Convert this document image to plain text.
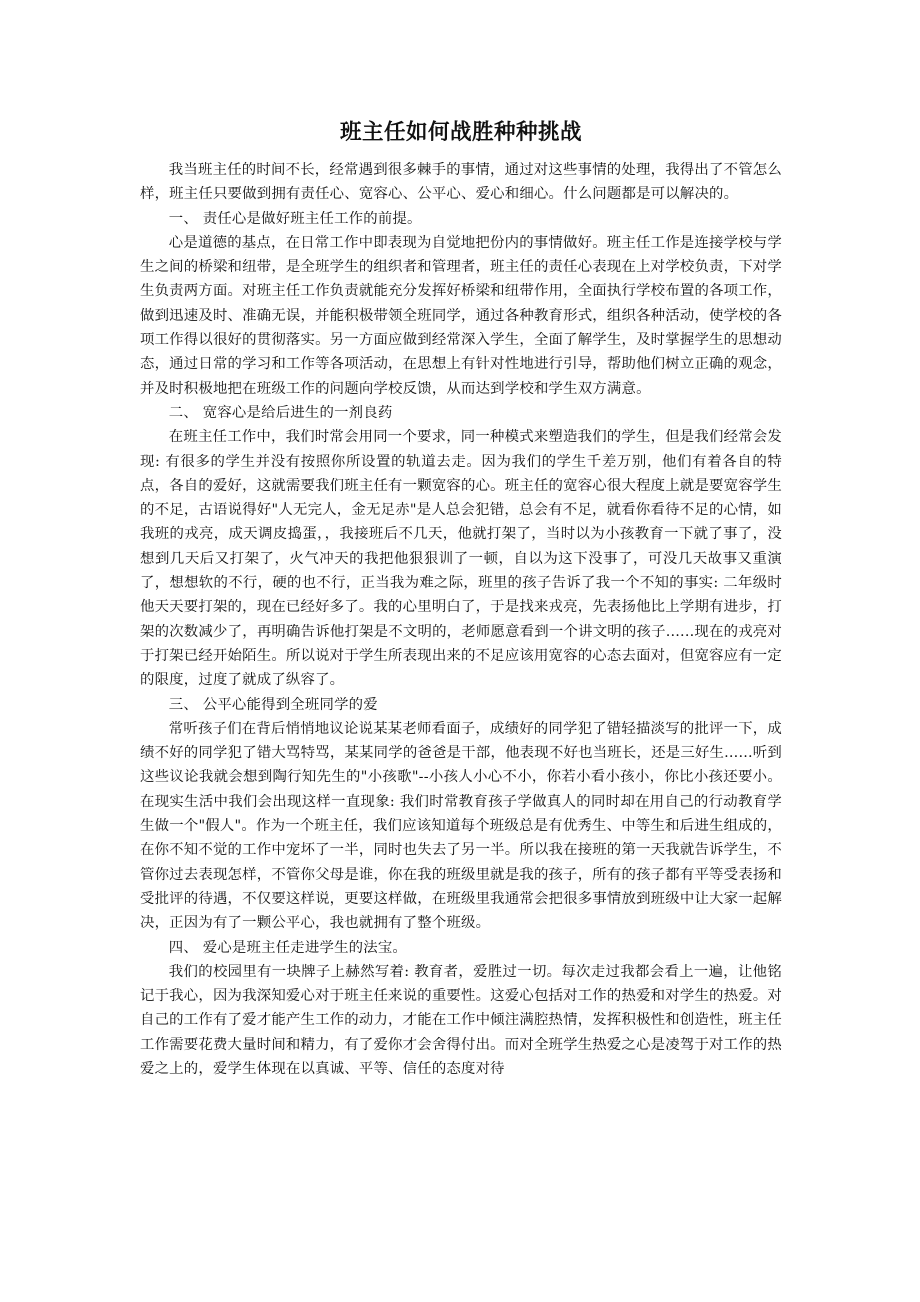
班主任如何战胜种种挑战

我当班主任的时间不长，经常遇到很多棘手的事情，通过对这些事情的处理，我得出了不管怎么样，班主任只要做到拥有责任心、宽容心、公平心、爱心和细心。什么问题都是可以解决的。

一、 责任心是做好班主任工作的前提。

心是道德的基点，在日常工作中即表现为自觉地把份内的事情做好。班主任工作是连接学校与学生之间的桥梁和纽带，是全班学生的组织者和管理者，班主任的责任心表现在上对学校负责，下对学生负责两方面。对班主任工作负责就能充分发挥好桥梁和纽带作用，全面执行学校布置的各项工作，做到迅速及时、准确无误，并能积极带领全班同学，通过各种教育形式，组织各种活动，使学校的各项工作得以很好的贯彻落实。另一方面应做到经常深入学生，全面了解学生，及时掌握学生的思想动态，通过日常的学习和工作等各项活动，在思想上有针对性地进行引导，帮助他们树立正确的观念，并及时积极地把在班级工作的问题向学校反馈，从而达到学校和学生双方满意。

二、 宽容心是给后进生的一剂良药

在班主任工作中，我们时常会用同一个要求，同一种模式来塑造我们的学生，但是我们经常会发现: 有很多的学生并没有按照你所设置的轨道去走。因为我们的学生千差万别，他们有着各自的特点，各自的爱好，这就需要我们班主任有一颗宽容的心。班主任的宽容心很大程度上就是要宽容学生的不足，古语说得好"人无完人，金无足赤"是人总会犯错，总会有不足，就看你看待不足的心情，如我班的戎亮，成天调皮捣蛋，，我接班后不几天，他就打架了，当时以为小孩教育一下就了事了，没想到几天后又打架了，火气冲天的我把他狠狠训了一顿，自以为这下没事了，可没几天故事又重演了，想想软的不行，硬的也不行，正当我为难之际，班里的孩子告诉了我一个不知的事实: 二年级时他天天要打架的，现在已经好多了。我的心里明白了，于是找来戎亮，先表扬他比上学期有进步，打架的次数减少了，再明确告诉他打架是不文明的，老师愿意看到一个讲文明的孩子......现在的戎亮对于打架已经开始陌生。所以说对于学生所表现出来的不足应该用宽容的心态去面对，但宽容应有一定的限度，过度了就成了纵容了。

三、 公平心能得到全班同学的爱

常听孩子们在背后悄悄地议论说某某老师看面子，成绩好的同学犯了错轻描淡写的批评一下，成绩不好的同学犯了错大骂特骂，某某同学的爸爸是干部，他表现不好也当班长，还是三好生......听到这些议论我就会想到陶行知先生的"小孩歌"--小孩人小心不小，你若小看小孩小，你比小孩还要小。在现实生活中我们会出现这样一直现象: 我们时常教育孩子学做真人的同时却在用自己的行动教育学生做一个"假人"。作为一个班主任，我们应该知道每个班级总是有优秀生、中等生和后进生组成的，在你不知不觉的工作中宠坏了一半，同时也失去了另一半。所以我在接班的第一天我就告诉学生，不管你过去表现怎样，不管你父母是谁，你在我的班级里就是我的孩子，所有的孩子都有平等受表扬和受批评的待遇，不仅要这样说，更要这样做，在班级里我通常会把很多事情放到班级中让大家一起解决，正因为有了一颗公平心，我也就拥有了整个班级。

四、 爱心是班主任走进学生的法宝。

我们的校园里有一块牌子上赫然写着: 教育者，爱胜过一切。每次走过我都会看上一遍，让他铭记于我心，因为我深知爱心对于班主任来说的重要性。这爱心包括对工作的热爱和对学生的热爱。对自己的工作有了爱才能产生工作的动力，才能在工作中倾注满腔热情，发挥积极性和创造性，班主任工作需要花费大量时间和精力，有了爱你才会舍得付出。而对全班学生热爱之心是凌驾于对工作的热爱之上的，爱学生体现在以真诚、平等、信任的态度对待
